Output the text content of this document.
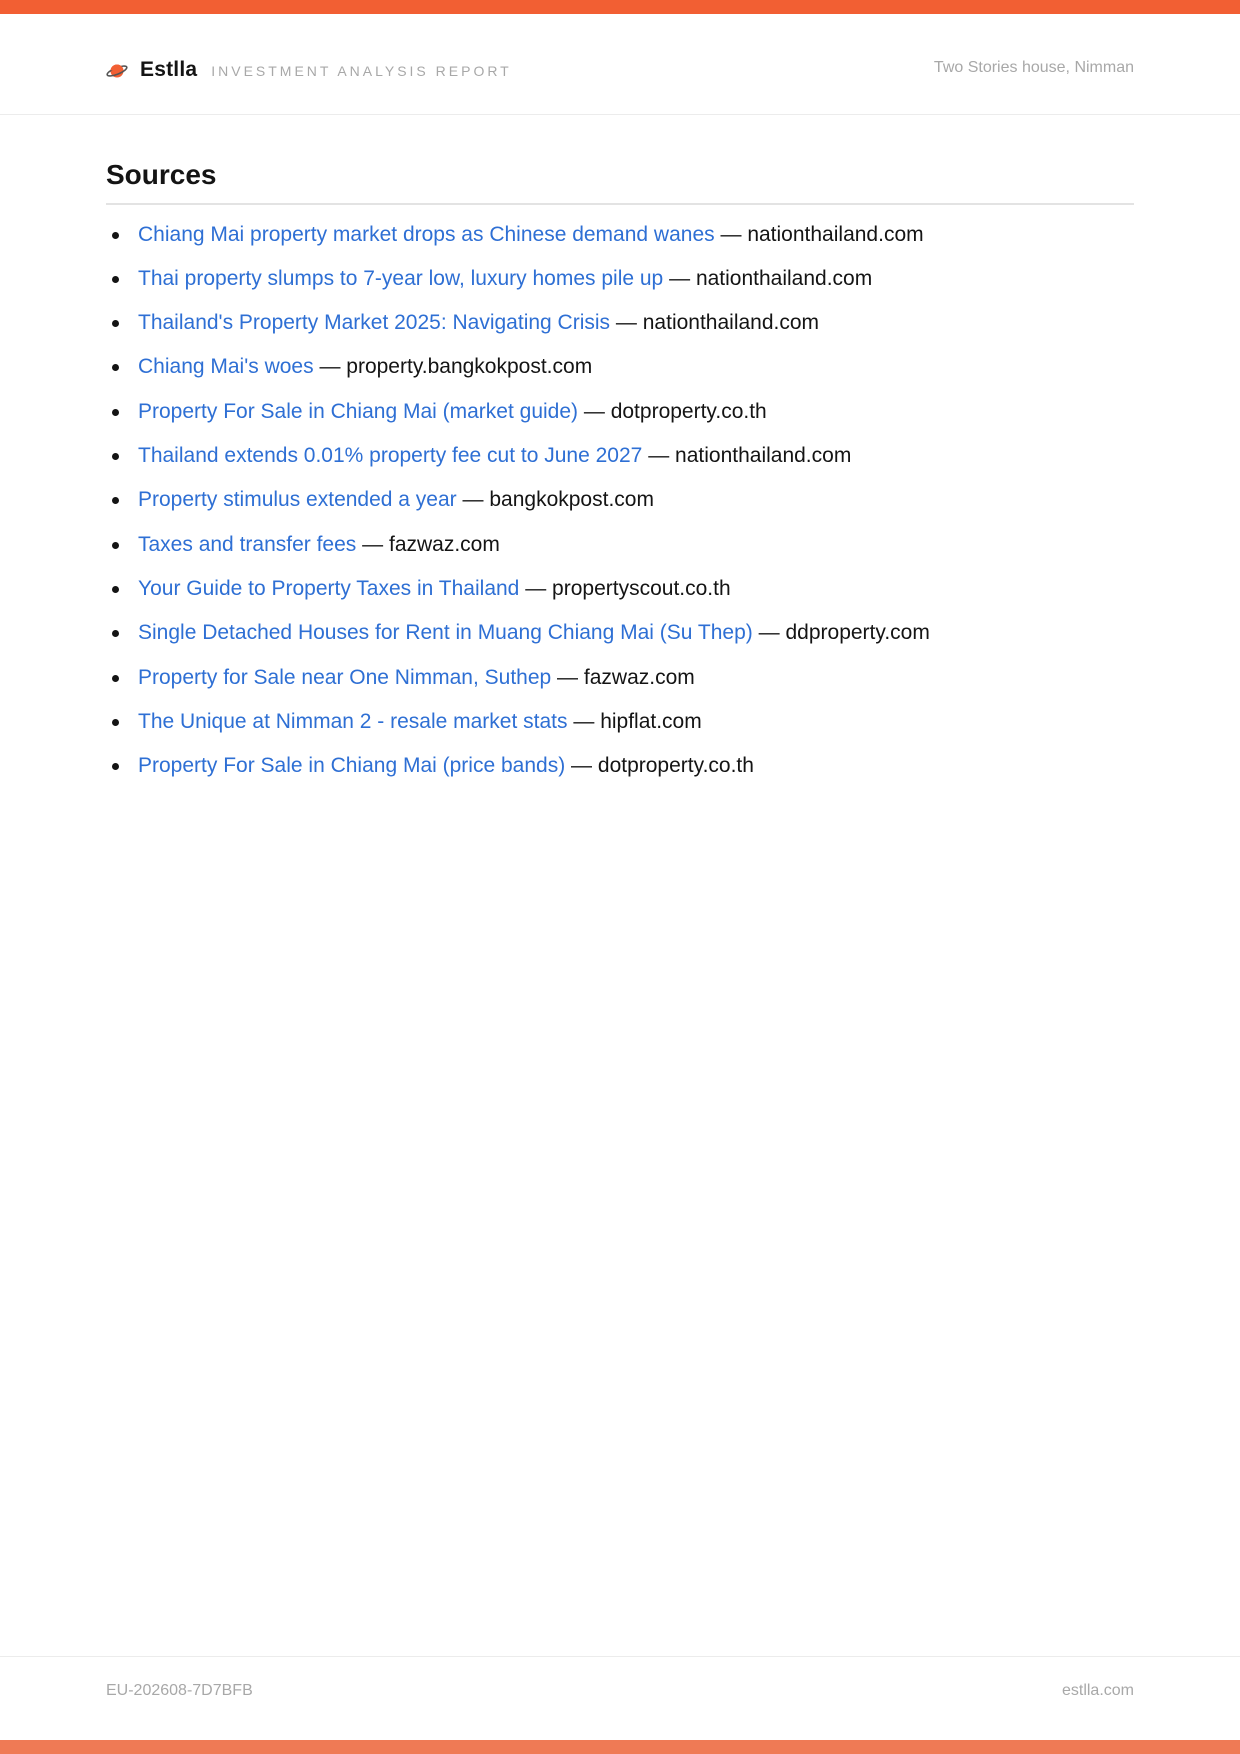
Estlla INVESTMENT ANALYSIS REPORT	Two Stories house, Nimman
Sources
Chiang Mai property market drops as Chinese demand wanes — nationthailand.com
Thai property slumps to 7-year low, luxury homes pile up — nationthailand.com
Thailand's Property Market 2025: Navigating Crisis — nationthailand.com
Chiang Mai's woes — property.bangkokpost.com
Property For Sale in Chiang Mai (market guide) — dotproperty.co.th
Thailand extends 0.01% property fee cut to June 2027 — nationthailand.com
Property stimulus extended a year — bangkokpost.com
Taxes and transfer fees — fazwaz.com
Your Guide to Property Taxes in Thailand — propertyscout.co.th
Single Detached Houses for Rent in Muang Chiang Mai (Su Thep) — ddproperty.com
Property for Sale near One Nimman, Suthep — fazwaz.com
The Unique at Nimman 2 - resale market stats — hipflat.com
Property For Sale in Chiang Mai (price bands) — dotproperty.co.th
EU-202608-7D7BFB	estlla.com
